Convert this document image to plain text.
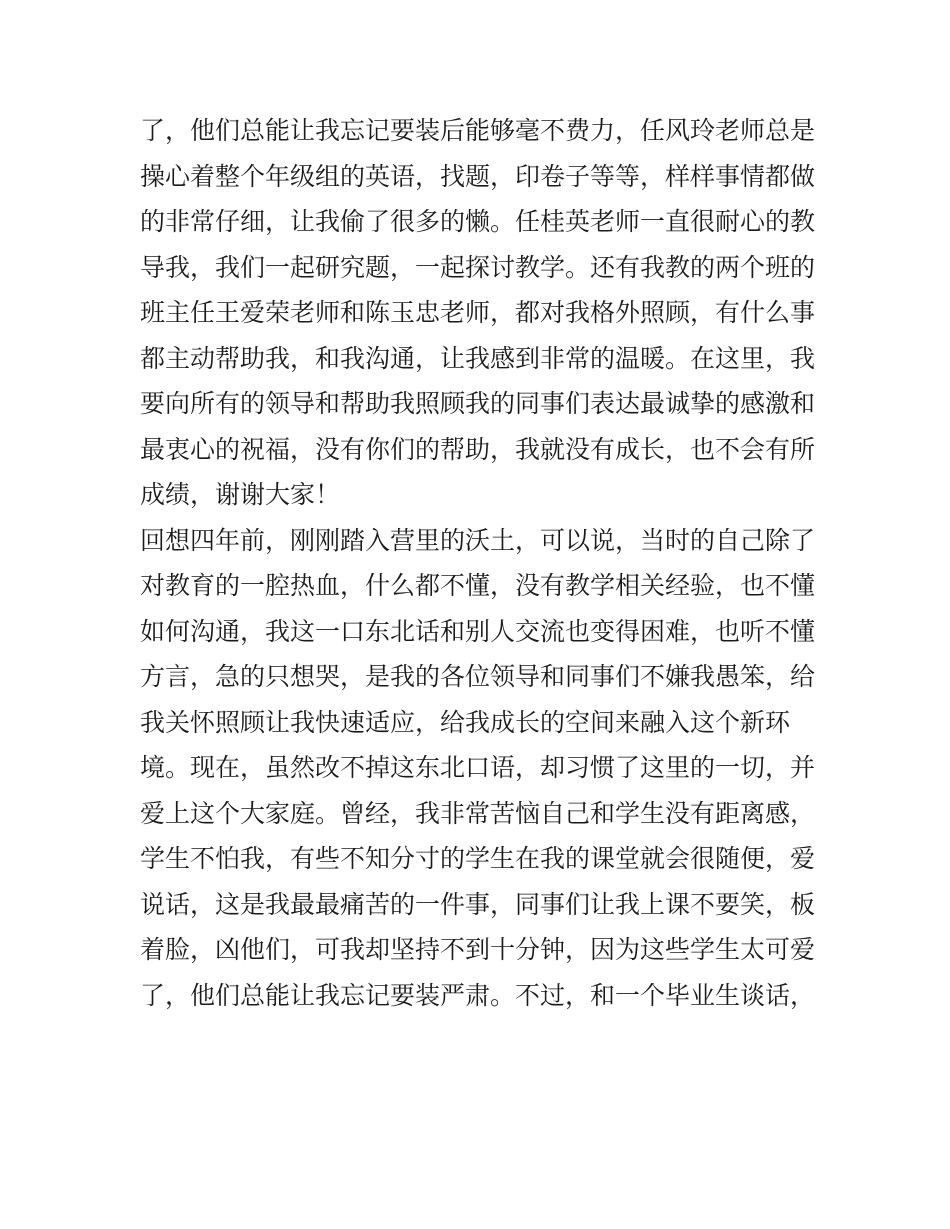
了，他们总能让我忘记要装后能够毫不费力，任风玲老师总是
操心着整个年级组的英语，找题，印卷子等等，样样事情都做
的非常仔细，让我偷了很多的懒。任桂英老师一直很耐心的教
导我，我们一起研究题，一起探讨教学。还有我教的两个班的
班主任王爱荣老师和陈玉忠老师，都对我格外照顾，有什么事
都主动帮助我，和我沟通，让我感到非常的温暖。在这里，我
要向所有的领导和帮助我照顾我的同事们表达最诚挚的感激和
最衷心的祝福，没有你们的帮助，我就没有成长，也不会有所
成绩，谢谢大家！
回想四年前，刚刚踏入营里的沃土，可以说，当时的自己除了
对教育的一腔热血，什么都不懂，没有教学相关经验，也不懂
如何沟通，我这一口东北话和别人交流也变得困难，也听不懂
方言，急的只想哭，是我的各位领导和同事们不嫌我愚笨，给
我关怀照顾让我快速适应，给我成长的空间来融入这个新环
境。现在，虽然改不掉这东北口语，却习惯了这里的一切，并
爱上这个大家庭。曾经，我非常苦恼自己和学生没有距离感，
学生不怕我，有些不知分寸的学生在我的课堂就会很随便，爱
说话，这是我最最痛苦的一件事，同事们让我上课不要笑，板
着脸，凶他们，可我却坚持不到十分钟，因为这些学生太可爱
了，他们总能让我忘记要装严肃。不过，和一个毕业生谈话，
